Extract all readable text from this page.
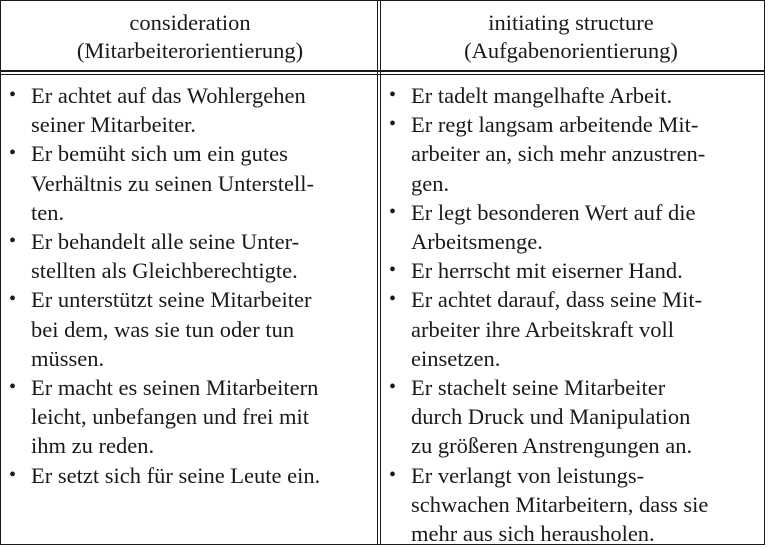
consideration
(Mitarbeiterorientierung)
initiating structure
(Aufgabenorientierung)
• Er achtet auf das Wohlergehen
seiner Mitarbeiter.
• Er bemüht sich um ein gutes
Verhältnis zu seinen Unterstell-
ten.
• Er behandelt alle seine Unter-
stellten als Gleichberechtigte.
• Er unterstützt seine Mitarbeiter
bei dem, was sie tun oder tun
müssen.
• Er macht es seinen Mitarbeitern
leicht, unbefangen und frei mit
ihm zu reden.
• Er setzt sich für seine Leute ein.
• Er tadelt mangelhafte Arbeit.
• Er regt langsam arbeitende Mit-
arbeiter an, sich mehr anzustren-
gen.
• Er legt besonderen Wert auf die
Arbeitsmenge.
• Er herrscht mit eiserner Hand.
• Er achtet darauf, dass seine Mit-
arbeiter ihre Arbeitskraft voll
einsetzen.
• Er stachelt seine Mitarbeiter
durch Druck und Manipulation
zu größeren Anstrengungen an.
• Er verlangt von leistungs-
schwachen Mitarbeitern, dass sie
mehr aus sich herausholen.
